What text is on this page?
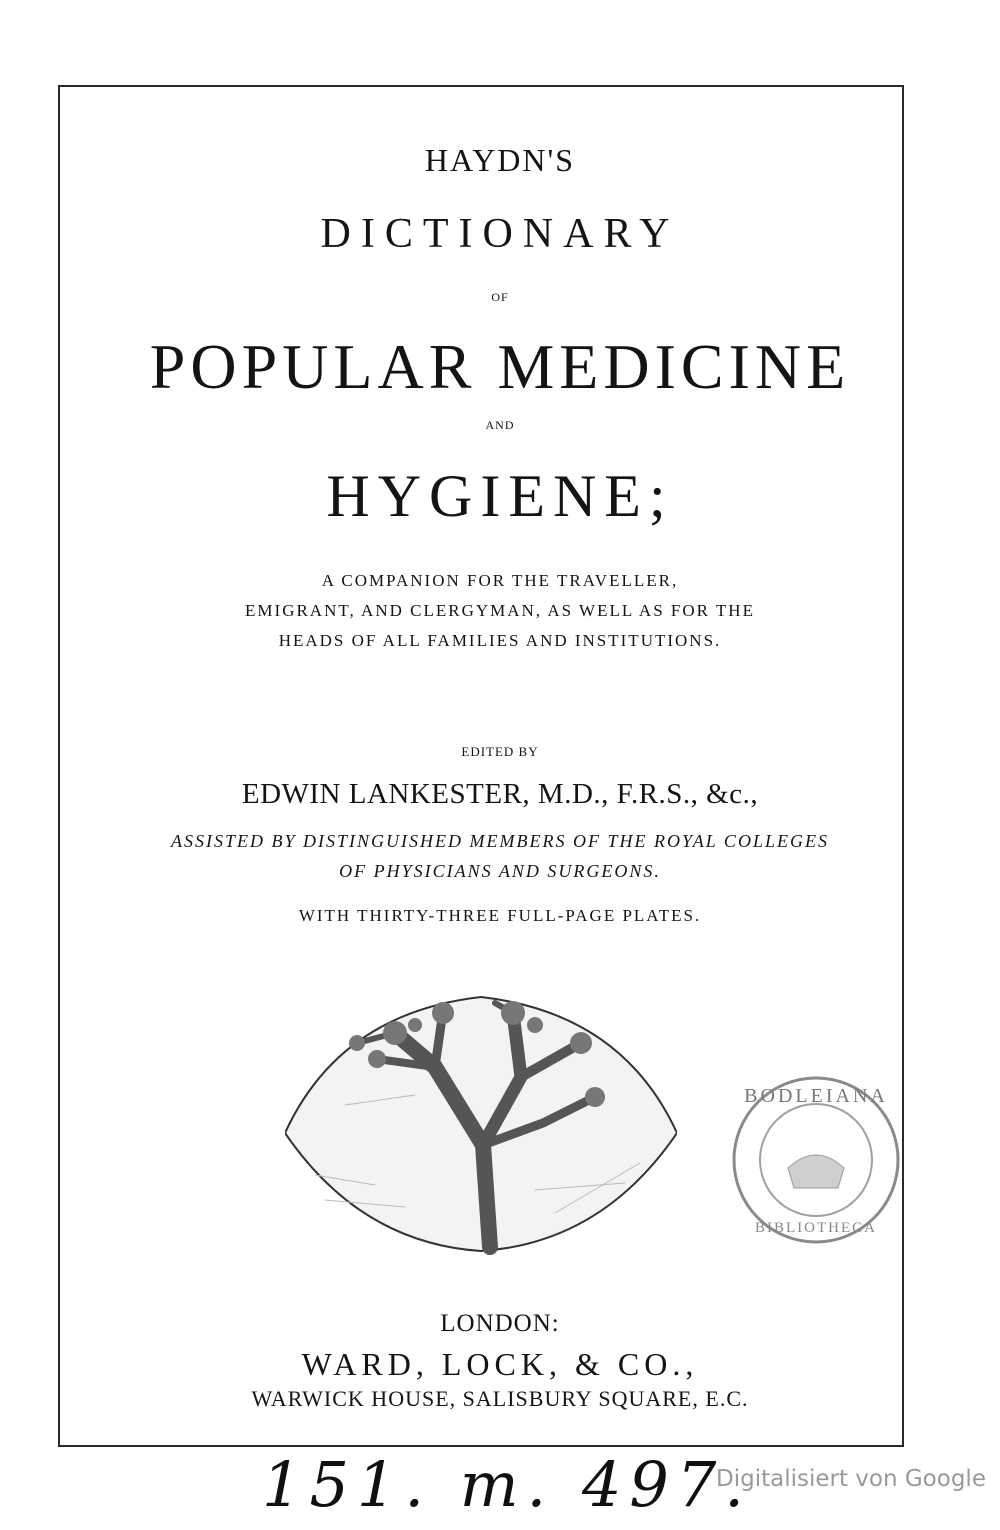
HAYDN'S
DICTIONARY
OF
POPULAR MEDICINE
AND
HYGIENE;
A COMPANION FOR THE TRAVELLER,
EMIGRANT, AND CLERGYMAN, AS WELL AS FOR THE
HEADS OF ALL FAMILIES AND INSTITUTIONS.
EDITED BY
EDWIN LANKESTER, M.D., F.R.S., &c.,
ASSISTED BY DISTINGUISHED MEMBERS OF THE ROYAL COLLEGES
OF PHYSICIANS AND SURGEONS.
WITH THIRTY-THREE FULL-PAGE PLATES.
BODLEIANA
BIBLIOTHECA
LONDON:
WARD, LOCK, & CO.,
WARWICK HOUSE, SALISBURY SQUARE, E.C.
151. m. 497.
Digitalisiert von Google
